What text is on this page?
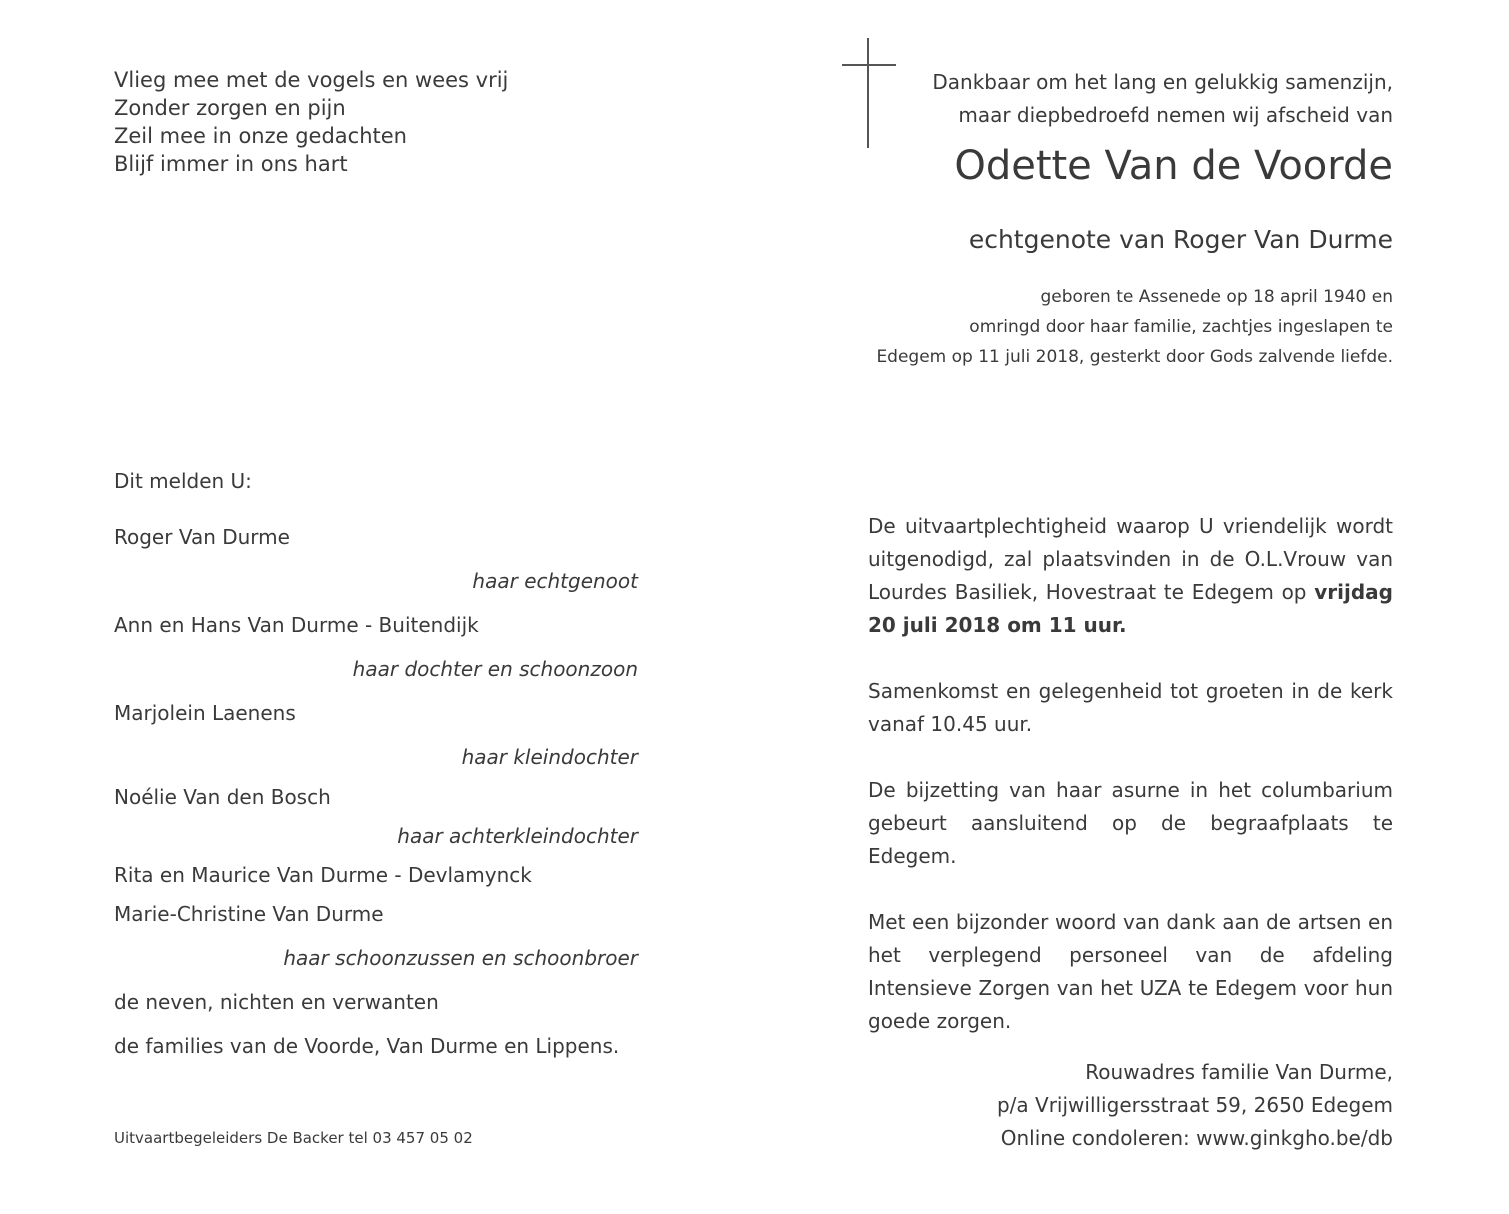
Vlieg mee met de vogels en wees vrij
Zonder zorgen en pijn
Zeil mee in onze gedachten
Blijf immer in ons hart
Dankbaar om het lang en gelukkig samenzijn,
maar diepbedroefd nemen wij afscheid van
Odette Van de Voorde
echtgenote van Roger Van Durme
geboren te Assenede op 18 april 1940 en
omringd door haar familie, zachtjes ingeslapen te
Edegem op 11 juli 2018, gesterkt door Gods zalvende liefde.
Dit melden U:
Roger Van Durme
haar echtgenoot
Ann en Hans Van Durme - Buitendijk
haar dochter en schoonzoon
Marjolein Laenens
haar kleindochter
Noélie Van den Bosch
haar achterkleindochter
Rita en Maurice Van Durme - Devlamynck
Marie-Christine Van Durme
haar schoonzussen en schoonbroer
de neven, nichten en verwanten
de families van de Voorde, Van Durme en Lippens.

De uitvaartplechtigheid waarop U vriendelijk wordt uitgenodigd, zal plaatsvinden in de O.L.Vrouw van Lourdes Basiliek, Hovestraat te Edegem op vrijdag 20 juli 2018 om 11 uur.

Samenkomst en gelegenheid tot groeten in de kerk vanaf 10.45 uur.

De bijzetting van haar asurne in het columbarium gebeurt aansluitend op de begraafplaats te Edegem.

Met een bijzonder woord van dank aan de artsen en het verplegend personeel van de afdeling Intensieve Zorgen van het UZA te Edegem voor hun goede zorgen.

Rouwadres familie Van Durme,
p/a Vrijwilligersstraat 59, 2650 Edegem
Online condoleren: www.ginkgho.be/db
Uitvaartbegeleiders De Backer tel 03 457 05 02
